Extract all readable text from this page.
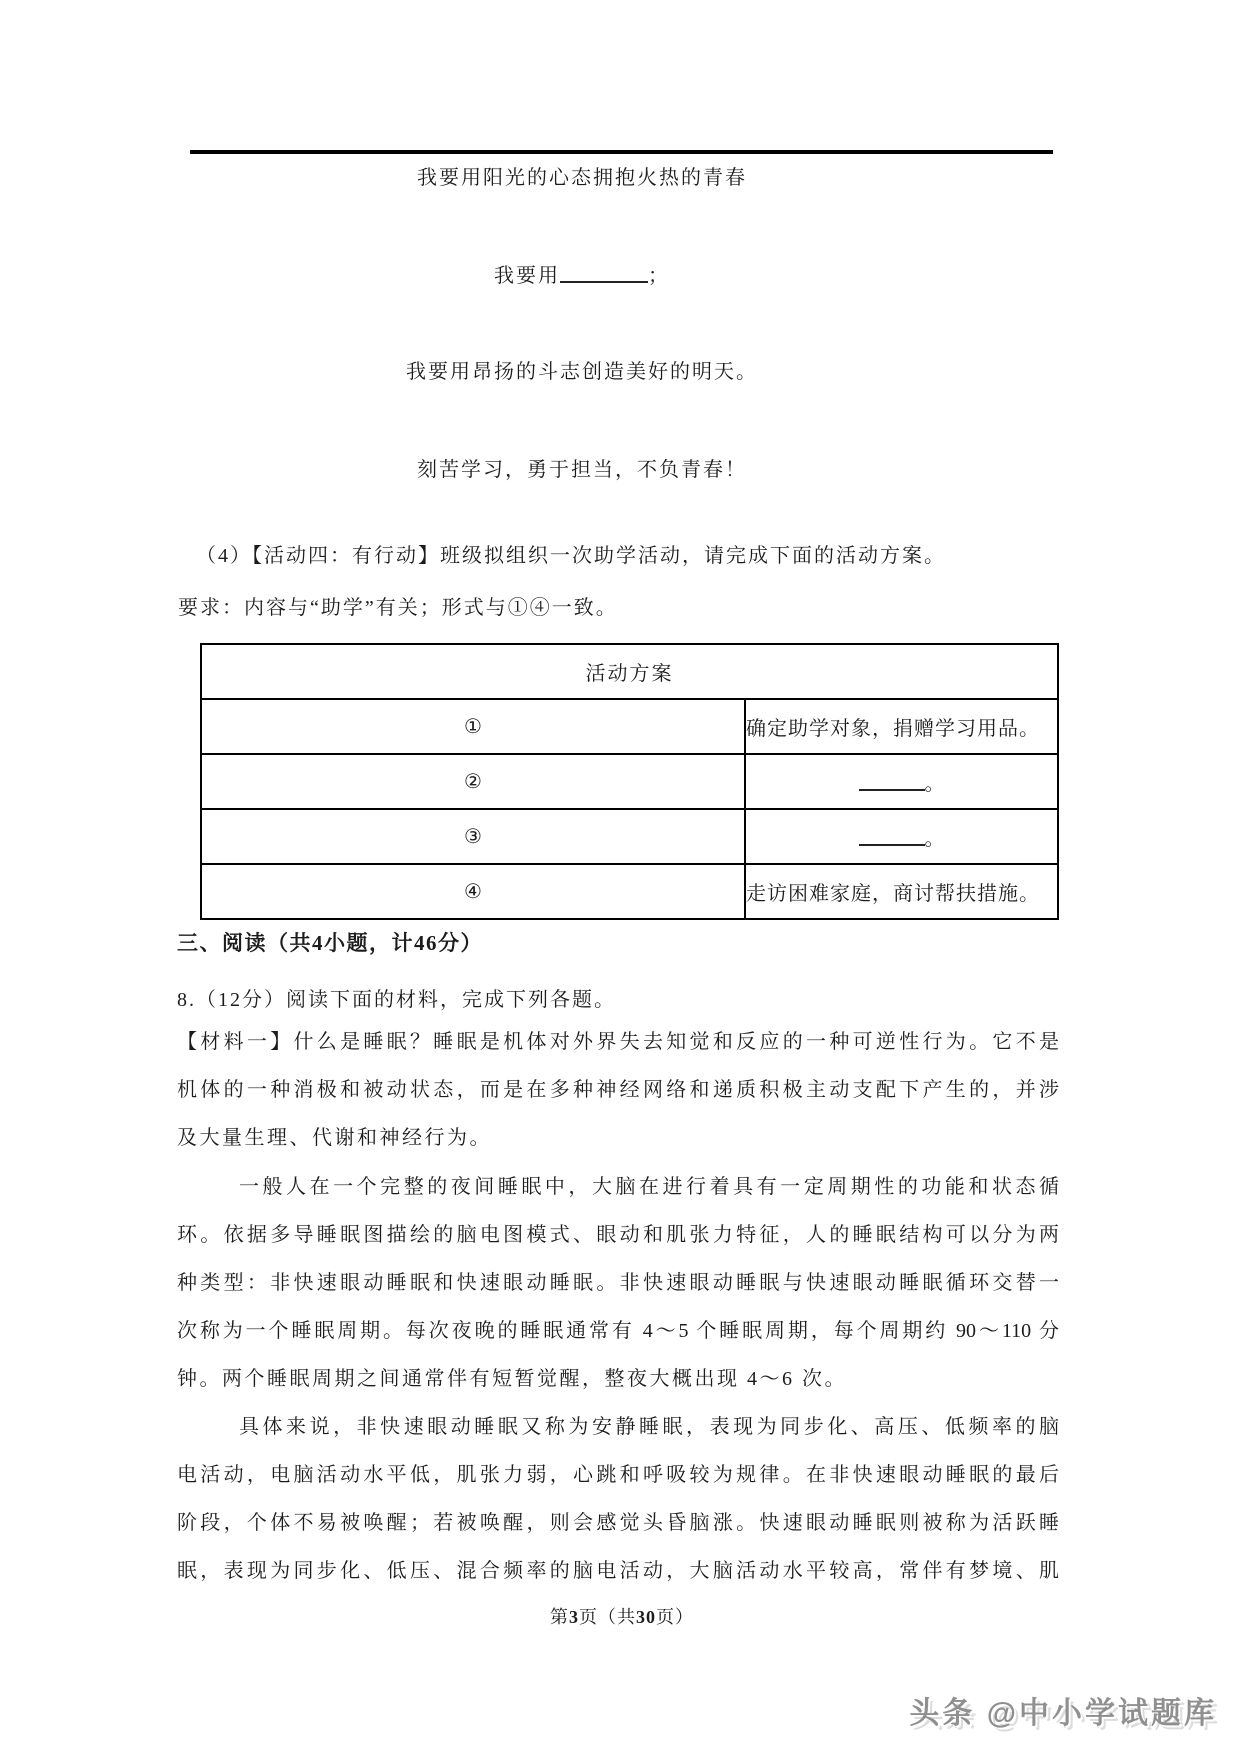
我要用阳光的心态拥抱火热的青春
我要用	；
我要用昂扬的斗志创造美好的明天。
刻苦学习，勇于担当，不负青春！
（4）【活动四：有行动】班级拟组织一次助学活动，请完成下面的活动方案。
要求：内容与“助学”有关；形式与①④一致。
活动方案	
①	确定助学对象，捐赠学习用品。
②	。
③	。
④	走访困难家庭，商讨帮扶措施。
三、阅读（共4小题，计46分）
8.（12分）阅读下面的材料，完成下列各题。
【材料一】什么是睡眠？睡眠是机体对外界失去知觉和反应的一种可逆性行为。它不是
机体的一种消极和被动状态，而是在多种神经网络和递质积极主动支配下产生的，并涉
及大量生理、代谢和神经行为。
一般人在一个完整的夜间睡眠中，大脑在进行着具有一定周期性的功能和状态循
环。依据多导睡眠图描绘的脑电图模式、眼动和肌张力特征，人的睡眠结构可以分为两
种类型：非快速眼动睡眠和快速眼动睡眠。非快速眼动睡眠与快速眼动睡眠循环交替一
次称为一个睡眠周期。每次夜晚的睡眠通常有 4～5 个睡眠周期，每个周期约 90～110 分
钟。两个睡眠周期之间通常伴有短暂觉醒，整夜大概出现 4～6 次。
具体来说，非快速眼动睡眠又称为安静睡眠，表现为同步化、高压、低频率的脑
电活动，电脑活动水平低，肌张力弱，心跳和呼吸较为规律。在非快速眼动睡眠的最后
阶段，个体不易被唤醒；若被唤醒，则会感觉头昏脑涨。快速眼动睡眠则被称为活跃睡
眠，表现为同步化、低压、混合频率的脑电活动，大脑活动水平较高，常伴有梦境、肌
第3页（共30页）
头条 @中小学试题库
